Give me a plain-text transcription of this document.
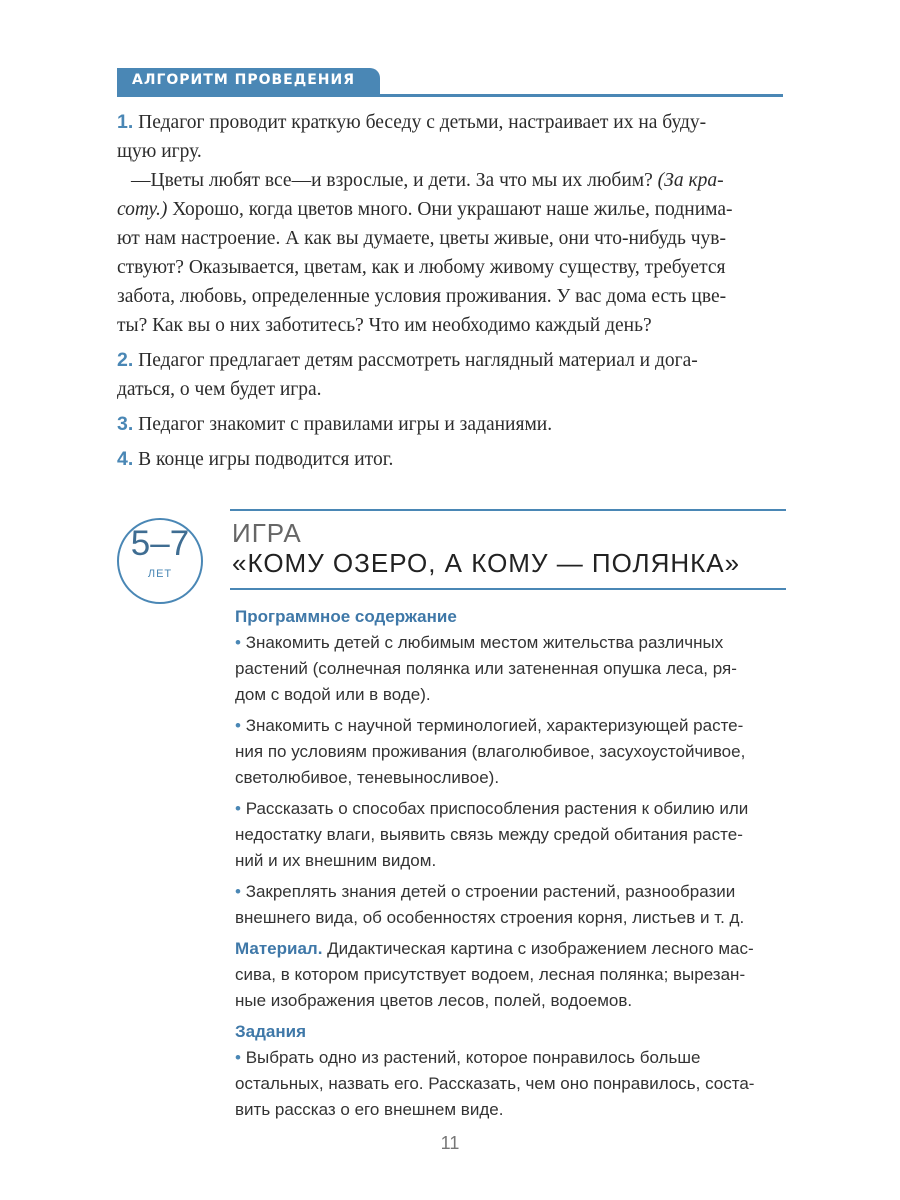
АЛГОРИТМ ПРОВЕДЕНИЯ

1. Педагог проводит краткую беседу с детьми, настраивает их на буду-

щую игру.

—Цветы любят все—и взрослые, и дети. За что мы их любим? (За кра-

соту.) Хорошо, когда цветов много. Они украшают наше жилье, поднима-

ют нам настроение. А как вы думаете, цветы живые, они что-нибудь чув-

ствуют? Оказывается, цветам, как и любому живому существу, требуется

забота, любовь, определенные условия проживания. У вас дома есть цве-

ты? Как вы о них заботитесь? Что им необходимо каждый день?

2. Педагог предлагает детям рассмотреть наглядный материал и дога-

даться, о чем будет игра.

3. Педагог знакомит с правилами игры и заданиями.

4. В конце игры подводится итог.

5–7
ЛЕТ
ИГРА
«КОМУ ОЗЕРО, А КОМУ — ПОЛЯНКА»

Программное содержание

• Знакомить детей с любимым местом жительства различных

растений (солнечная полянка или затененная опушка леса, ря-

дом с водой или в воде).

• Знакомить с научной терминологией, характеризующей расте-

ния по условиям проживания (влаголюбивое, засухоустойчивое,

светолюбивое, теневыносливое).

• Рассказать о способах приспособления растения к обилию или

недостатку влаги, выявить связь между средой обитания расте-

ний и их внешним видом.

• Закреплять знания детей о строении растений, разнообразии

внешнего вида, об особенностях строения корня, листьев и т. д.

Материал. Дидактическая картина с изображением лесного мас-

сива, в котором присутствует водоем, лесная полянка; вырезан-

ные изображения цветов лесов, полей, водоемов.

Задания

• Выбрать одно из растений, которое понравилось больше

остальных, назвать его. Рассказать, чем оно понравилось, соста-

вить рассказ о его внешнем виде.

11
